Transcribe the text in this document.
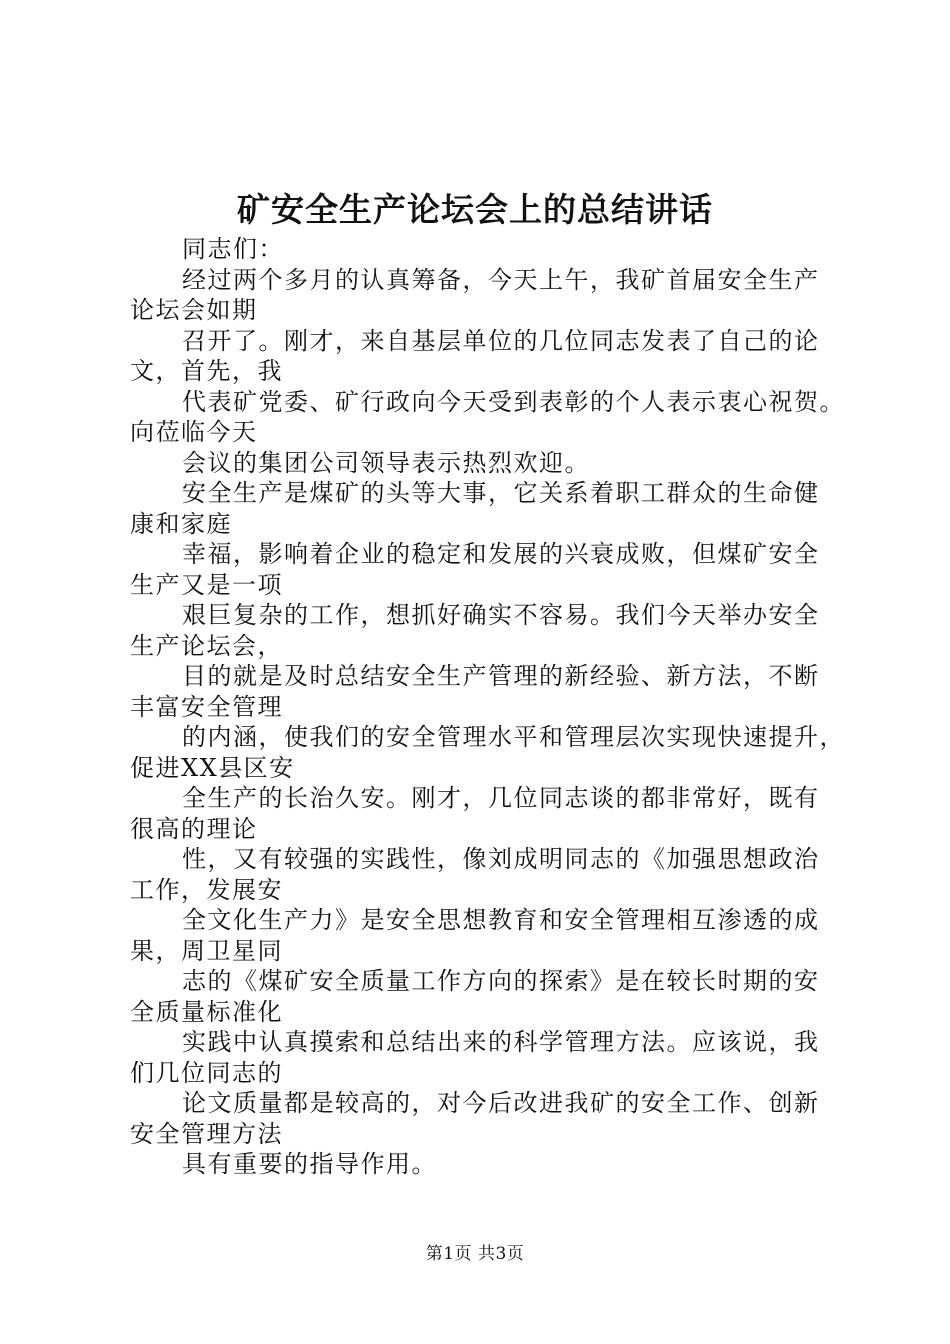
矿安全生产论坛会上的总结讲话
同志们：
经过两个多月的认真筹备，今天上午，我矿首届安全生产
论坛会如期
召开了。刚才，来自基层单位的几位同志发表了自己的论
文，首先，我
代表矿党委、矿行政向今天受到表彰的个人表示衷心祝贺。
向莅临今天
会议的集团公司领导表示热烈欢迎。
安全生产是煤矿的头等大事，它关系着职工群众的生命健
康和家庭
幸福，影响着企业的稳定和发展的兴衰成败，但煤矿安全
生产又是一项
艰巨复杂的工作，想抓好确实不容易。我们今天举办安全
生产论坛会，
目的就是及时总结安全生产管理的新经验、新方法，不断
丰富安全管理
的内涵，使我们的安全管理水平和管理层次实现快速提升，
促进XX县区安
全生产的长治久安。刚才，几位同志谈的都非常好，既有
很高的理论
性，又有较强的实践性，像刘成明同志的《加强思想政治
工作，发展安
全文化生产力》是安全思想教育和安全管理相互渗透的成
果，周卫星同
志的《煤矿安全质量工作方向的探索》是在较长时期的安
全质量标准化
实践中认真摸索和总结出来的科学管理方法。应该说，我
们几位同志的
论文质量都是较高的，对今后改进我矿的安全工作、创新
安全管理方法
具有重要的指导作用。
第1页 共3页
